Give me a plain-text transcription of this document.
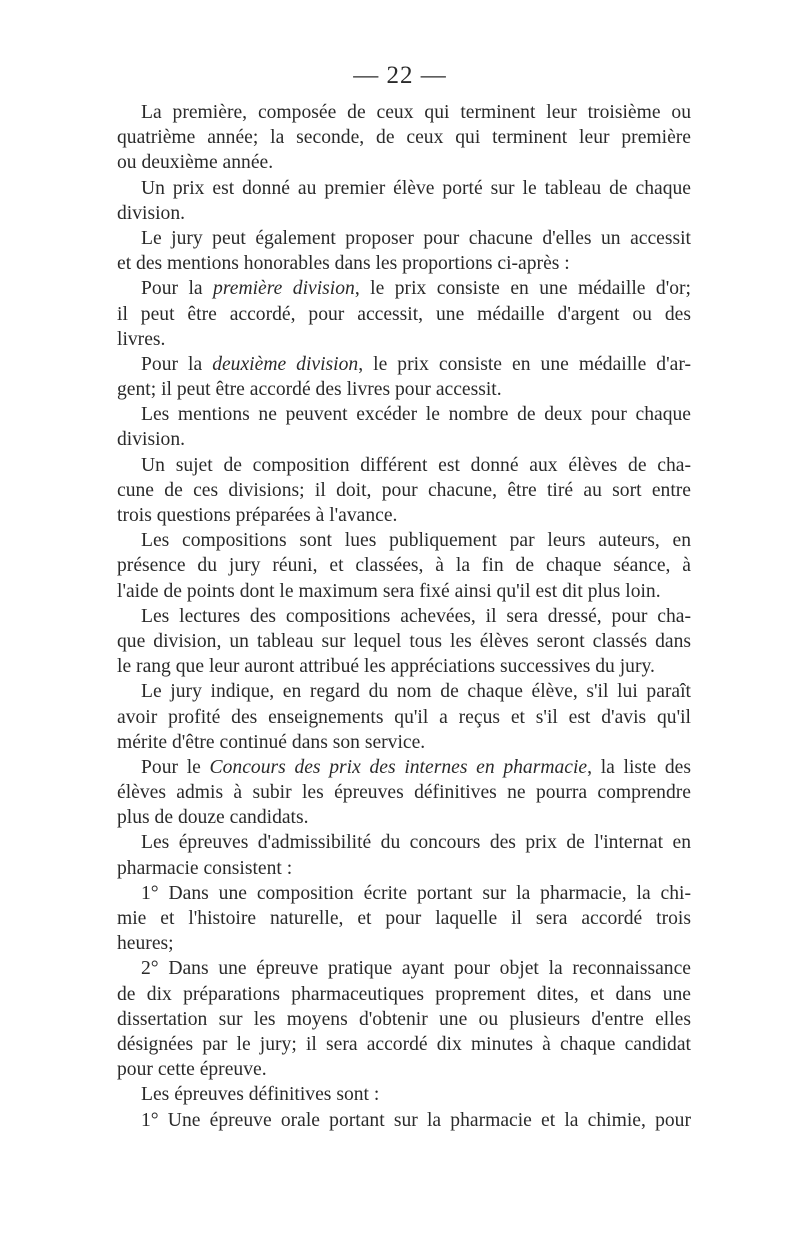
— 22 —
La première, composée de ceux qui terminent leur troisième ou
quatrième année; la seconde, de ceux qui terminent leur première
ou deuxième année.
Un prix est donné au premier élève porté sur le tableau de chaque
division.
Le jury peut également proposer pour chacune d'elles un accessit
et des mentions honorables dans les proportions ci-après :
Pour la première division, le prix consiste en une médaille d'or;
il peut être accordé, pour accessit, une médaille d'argent ou des
livres.
Pour la deuxième division, le prix consiste en une médaille d'ar-
gent; il peut être accordé des livres pour accessit.
Les mentions ne peuvent excéder le nombre de deux pour chaque
division.
Un sujet de composition différent est donné aux élèves de cha-
cune de ces divisions; il doit, pour chacune, être tiré au sort entre
trois questions préparées à l'avance.
Les compositions sont lues publiquement par leurs auteurs, en
présence du jury réuni, et classées, à la fin de chaque séance, à
l'aide de points dont le maximum sera fixé ainsi qu'il est dit plus loin.
Les lectures des compositions achevées, il sera dressé, pour cha-
que division, un tableau sur lequel tous les élèves seront classés dans
le rang que leur auront attribué les appréciations successives du jury.
Le jury indique, en regard du nom de chaque élève, s'il lui paraît
avoir profité des enseignements qu'il a reçus et s'il est d'avis qu'il
mérite d'être continué dans son service.
Pour le Concours des prix des internes en pharmacie, la liste des
élèves admis à subir les épreuves définitives ne pourra comprendre
plus de douze candidats.
Les épreuves d'admissibilité du concours des prix de l'internat en
pharmacie consistent :
1° Dans une composition écrite portant sur la pharmacie, la chi-
mie et l'histoire naturelle, et pour laquelle il sera accordé trois
heures;
2° Dans une épreuve pratique ayant pour objet la reconnaissance
de dix préparations pharmaceutiques proprement dites, et dans une
dissertation sur les moyens d'obtenir une ou plusieurs d'entre elles
désignées par le jury; il sera accordé dix minutes à chaque candidat
pour cette épreuve.
Les épreuves définitives sont :
1° Une épreuve orale portant sur la pharmacie et la chimie, pour
